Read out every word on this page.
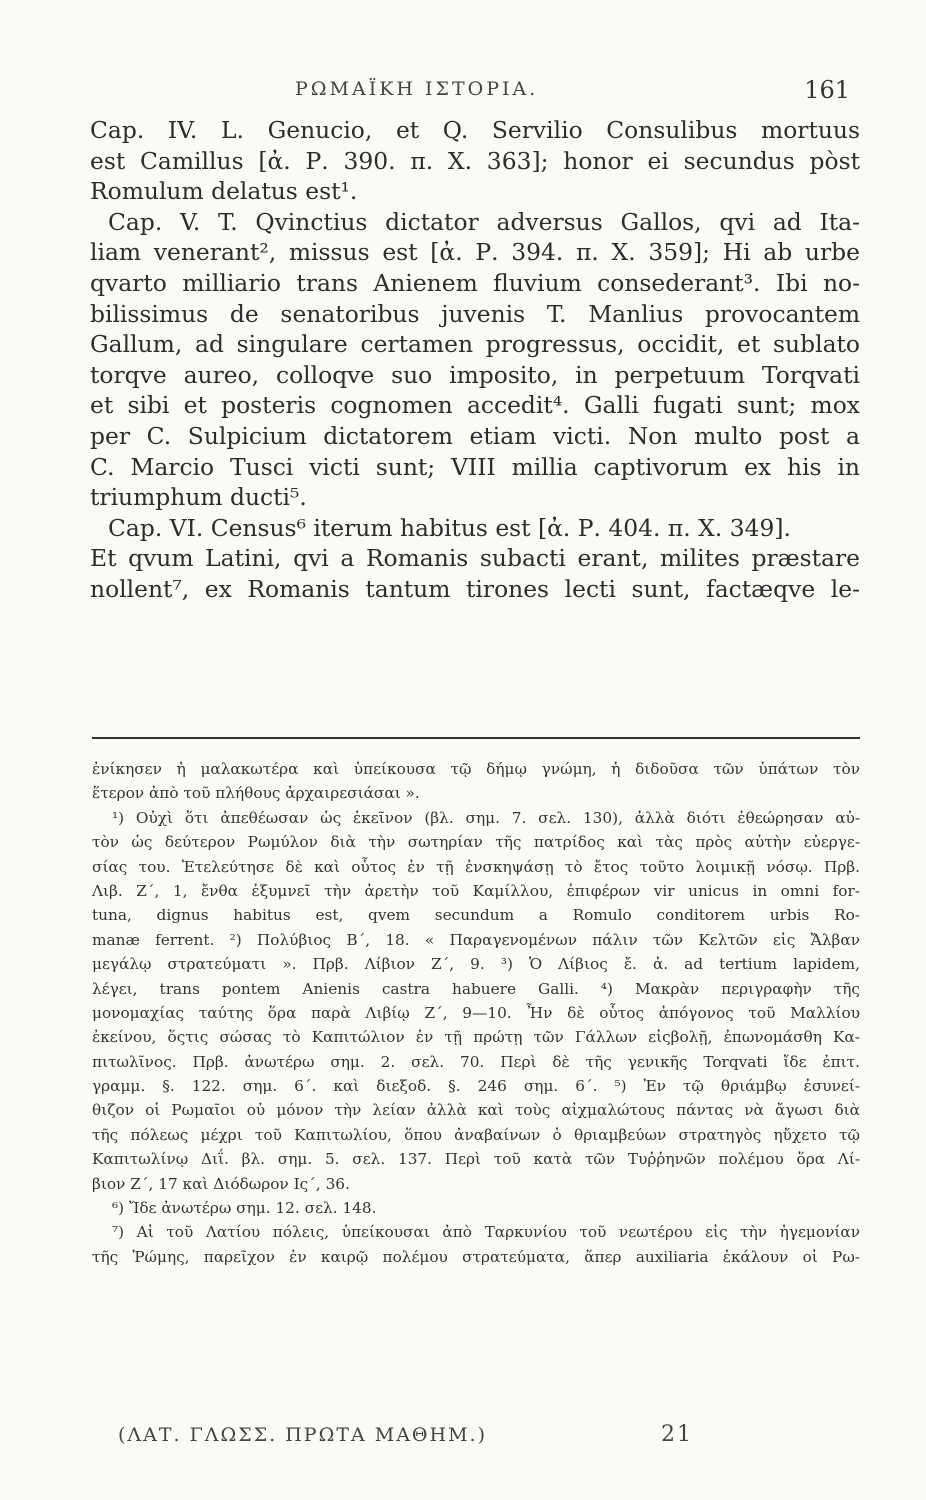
ΡΩΜΑΪΚΗ ΙΣΤΟΡΙΑ.	161
Cap. IV. L. Genucio, et Q. Servilio Consulibus mortuus
est Camillus [ἀ. Ρ. 390. π. Χ. 363]; honor ei secundus pòst
Romulum delatus est¹.
Cap. V. T. Qvinctius dictator adversus Gallos, qvi ad Ita-
liam venerant², missus est [ἀ. Ρ. 394. π. Χ. 359]; Hi ab urbe
qvarto milliario trans Anienem fluvium consederant³. Ibi no-
bilissimus de senatoribus juvenis T. Manlius provocantem
Gallum, ad singulare certamen progressus, occidit, et sublato
torqve aureo, colloqve suo imposito, in perpetuum Torqvati
et sibi et posteris cognomen accedit⁴. Galli fugati sunt; mox
per C. Sulpicium dictatorem etiam victi. Non multo post a
C. Marcio Tusci victi sunt; VIII millia captivorum ex his in
triumphum ducti⁵.
Cap. VI. Census⁶ iterum habitus est [ἀ. Ρ. 404. π. Χ. 349].
Et qvum Latini, qvi a Romanis subacti erant, milites præstare
nollent⁷, ex Romanis tantum tirones lecti sunt, factæqve le-
ἐνίκησεν ἡ μαλακωτέρα καὶ ὑπείκουσα τῷ δήμῳ γνώμη, ἡ διδοῦσα τῶν ὑπάτων τὸν
ἕτερον ἀπὸ τοῦ πλήθους ἀρχαιρεσιάσαι ».
¹) Οὐχὶ ὅτι ἀπεθέωσαν ὡς ἐκεῖνον (βλ. σημ. 7. σελ. 130), ἀλλὰ διότι ἐθεώρησαν αὐ-
τὸν ὡς δεύτερον Ρωμύλον διὰ τὴν σωτηρίαν τῆς πατρίδος καὶ τὰς πρὸς αὐτὴν εὐεργε-
σίας του. Ἐτελεύτησε δὲ καὶ οὗτος ἐν τῇ ἐνσκηψάσῃ τὸ ἔτος τοῦτο λοιμικῇ νόσῳ. Πρβ.
Λιβ. Ζ΄, 1, ἔνθα ἐξυμνεῖ τὴν ἀρετὴν τοῦ Καμίλλου, ἐπιφέρων vir unicus in omni for-
tuna, dignus habitus est, qvem secundum a Romulo conditorem urbis Ro-
manæ ferrent. ²) Πολύβιος Β΄, 18. « Παραγενομένων πάλιν τῶν Κελτῶν εἰς Ἄλβαν
μεγάλῳ στρατεύματι ». Πρβ. Λίβιον Ζ΄, 9. ³) Ὁ Λίβιος ἔ. ἀ. ad tertium lapidem,
λέγει, trans pontem Anienis castra habuere Galli. ⁴) Μακρὰν περιγραφὴν τῆς
μονομαχίας ταύτης ὅρα παρὰ Λιβίῳ Ζ΄, 9—10. Ἦν δὲ οὗτος ἀπόγονος τοῦ Μαλλίου
ἐκείνου, ὅςτις σώσας τὸ Καπιτώλιον ἐν τῇ πρώτῃ τῶν Γάλλων εἰςβολῇ, ἐπωνομάσθη Κα-
πιτωλῖνος. Πρβ. ἀνωτέρω σημ. 2. σελ. 70. Περὶ δὲ τῆς γενικῆς Torqvati ἴδε ἐπιτ.
γραμμ. §. 122. σημ. 6΄. καὶ διεξοδ. §. 246 σημ. 6΄. ⁵) Ἐν τῷ θριάμβῳ ἐσυνεί-
θιζον οἱ Ρωμαῖοι οὐ μόνον τὴν λείαν ἀλλὰ καὶ τοὺς αἰχμαλώτους πάντας νὰ ἄγωσι διὰ
τῆς πόλεως μέχρι τοῦ Καπιτωλίου, ὅπου ἀναβαίνων ὁ θριαμβεύων στρατηγὸς ηὔχετο τῷ
Καπιτωλίνῳ Διΐ. βλ. σημ. 5. σελ. 137. Περὶ τοῦ κατὰ τῶν Τυῤῥηνῶν πολέμου ὅρα Λί-
βιον Ζ΄, 17 καὶ Διόδωρον Ις΄, 36.
⁶) Ἴδε ἀνωτέρω σημ. 12. σελ. 148.
⁷) Αἱ τοῦ Λατίου πόλεις, ὑπείκουσαι ἀπὸ Ταρκυνίου τοῦ νεωτέρου εἰς τὴν ἡγεμονίαν
τῆς Ῥώμης, παρεῖχον ἐν καιρῷ πολέμου στρατεύματα, ἅπερ auxiliaria ἐκάλουν οἱ Ρω-
(ΛΑΤ. ΓΛΩΣΣ. ΠΡΩΤΑ ΜΑΘΗΜ.)	21
